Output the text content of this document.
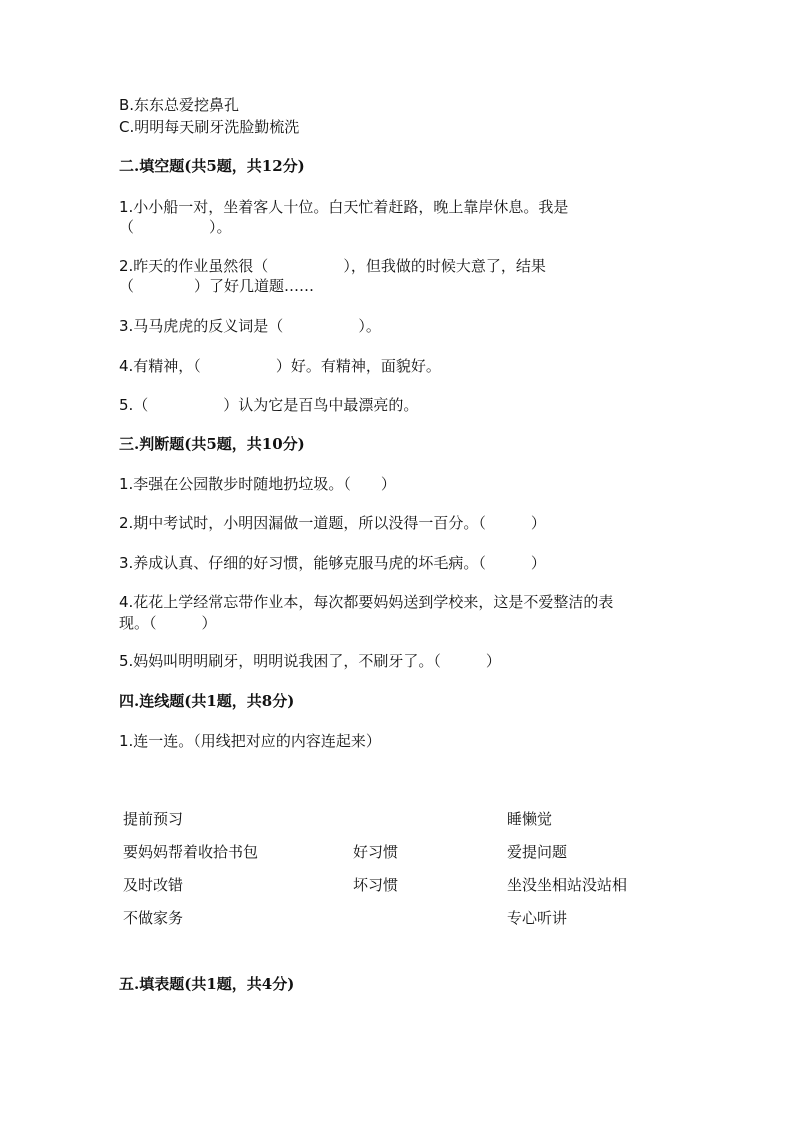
B.东东总爱挖鼻孔
C.明明每天刷牙洗脸勤梳洗
二.填空题(共5题，共12分)
1.小小船一对，坐着客人十位。白天忙着赶路，晚上靠岸休息。我是
（　　　　　）。
2.昨天的作业虽然很（　　　　　），但我做的时候大意了，结果
（　　　　）了好几道题……
3.马马虎虎的反义词是（　　　　　）。
4.有精神，（　　　　　）好。有精神，面貌好。
5.（　　　　　）认为它是百鸟中最漂亮的。
三.判断题(共5题，共10分)
1.李强在公园散步时随地扔垃圾。（　　）
2.期中考试时，小明因漏做一道题，所以没得一百分。（　　　）
3.养成认真、仔细的好习惯，能够克服马虎的坏毛病。（　　　）
4.花花上学经常忘带作业本，每次都要妈妈送到学校来，这是不爱整洁的表
现。（　　　）
5.妈妈叫明明刷牙，明明说我困了，不刷牙了。（　　　）
四.连线题(共1题，共8分)
1.连一连。（用线把对应的内容连起来）
提前预习
要妈妈帮着收拾书包
及时改错
不做家务
好习惯
坏习惯
睡懒觉
爱提问题
坐没坐相站没站相
专心听讲
五.填表题(共1题，共4分)
